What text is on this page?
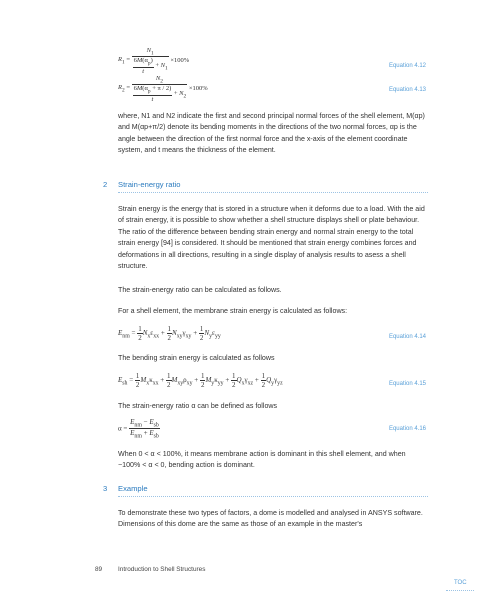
$R_1 = \frac{N_1}{\frac{6M(\alpha_p)}{t} + N_1} \times 100\%$
Equation 4.12
$R_2 = \frac{N_2}{\frac{6M(\alpha_p + \pi / 2)}{t} + N_2} \times 100\%$	Equation 4.13

where, N1 and N2 indicate the first and second principal normal forces of the shell element, M(αp) and M(αp+π/2) denote its bending moments in the directions of the two normal forces, αp is the angle between the direction of the first normal force and the x-axis of the element coordinate system, and t means the thickness of the element.

2 Strain-energy ratio

Strain energy is the energy that is stored in a structure when it deforms due to a load. With the aid of strain energy, it is possible to show whether a shell structure displays shell or plate behaviour. The ratio of the difference between bending strain energy and normal strain energy to the total strain energy [94] is considered. It should be mentioned that strain energy combines forces and deformations in all directions, resulting in a single display of analysis results to asess a shell structure.

The strain-energy ratio can be calculated as follows.

For a shell element, the membrane strain energy is calculated as follows:

$E_{nm} = \frac{1}{2} N_x\varepsilon_{xx} + \frac{1}{2} N_{xy}\gamma_{xy} + \frac{1}{2} N_y\varepsilon_{yy}$	Equation 4.14

The bending strain energy is calculated as follows

$E_{sh} = \frac{1}{2} M_x\kappa_{xx} + \frac{1}{2} M_{xy}\rho_{xy} + \frac{1}{2} M_y\kappa_{yy} + \frac{1}{2} Q_x\gamma_{xz} + \frac{1}{2} Q_y\gamma_{yz}$	Equation 4.15

The strain-energy ratio α can be defined as follows

$\alpha = \frac{E_{nm} - E_{sb}}{E_{nm} + E_{sb}}$	Equation 4.16

When 0 < α < 100%, it means membrane action is dominant in this shell element, and when −100% < α < 0, bending action is dominant.

3 Example

To demonstrate these two types of factors, a dome is modelled and analysed in ANSYS software. Dimensions of this dome are the same as those of an example in the master's

89 Introduction to Shell Structures
TOC
